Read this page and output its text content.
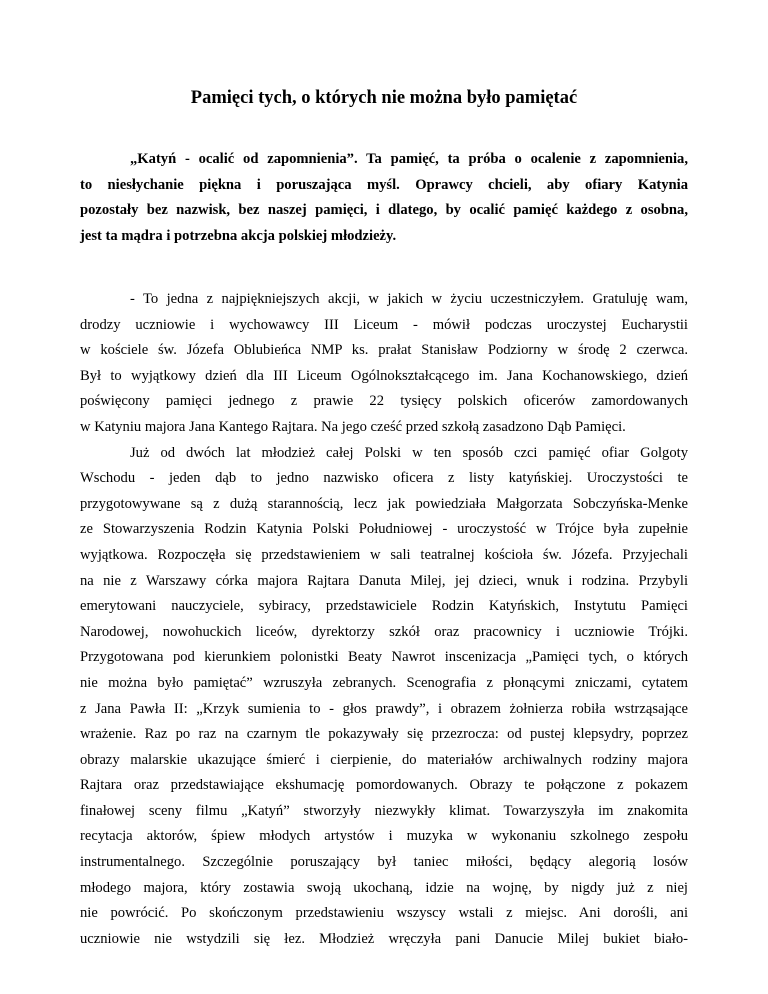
Pamięci tych, o których nie można było pamiętać
„Katyń - ocalić od zapomnienia”. Ta pamięć, ta próba o ocalenie z zapomnienia,
to niesłychanie piękna i poruszająca myśl. Oprawcy chcieli, aby ofiary Katynia
pozostały bez nazwisk, bez naszej pamięci, i dlatego, by ocalić pamięć każdego z osobna,
jest ta mądra i potrzebna akcja polskiej młodzieży.
- To jedna z najpiękniejszych akcji, w jakich w życiu uczestniczyłem. Gratuluję wam,
drodzy uczniowie i wychowawcy III Liceum - mówił podczas uroczystej Eucharystii
w kościele św. Józefa Oblubieńca NMP ks. prałat Stanisław Podziorny w środę 2 czerwca.
Był to wyjątkowy dzień dla III Liceum Ogólnokształcącego im. Jana Kochanowskiego, dzień
poświęcony pamięci jednego z prawie 22 tysięcy polskich oficerów zamordowanych
w Katyniu majora Jana Kantego Rajtara. Na jego cześć przed szkołą zasadzono Dąb Pamięci.
Już od dwóch lat młodzież całej Polski w ten sposób czci pamięć ofiar Golgoty
Wschodu - jeden dąb to jedno nazwisko oficera z listy katyńskiej. Uroczystości te
przygotowywane są z dużą starannością, lecz jak powiedziała Małgorzata Sobczyńska-Menke
ze Stowarzyszenia Rodzin Katynia Polski Południowej - uroczystość w Trójce była zupełnie
wyjątkowa. Rozpoczęła się przedstawieniem w sali teatralnej kościoła św. Józefa. Przyjechali
na nie z Warszawy córka majora Rajtara Danuta Milej, jej dzieci, wnuk i rodzina. Przybyli
emerytowani nauczyciele, sybiracy, przedstawiciele Rodzin Katyńskich, Instytutu Pamięci
Narodowej, nowohuckich liceów, dyrektorzy szkół oraz pracownicy i uczniowie Trójki.
Przygotowana pod kierunkiem polonistki Beaty Nawrot inscenizacja „Pamięci tych, o których
nie można było pamiętać” wzruszyła zebranych. Scenografia z płonącymi zniczami, cytatem
z Jana Pawła II: „Krzyk sumienia to - głos prawdy”, i obrazem żołnierza robiła wstrząsające
wrażenie. Raz po raz na czarnym tle pokazywały się przezrocza: od pustej klepsydry, poprzez
obrazy malarskie ukazujące śmierć i cierpienie, do materiałów archiwalnych rodziny majora
Rajtara oraz przedstawiające ekshumację pomordowanych. Obrazy te połączone z pokazem
finałowej sceny filmu „Katyń” stworzyły niezwykły klimat. Towarzyszyła im znakomita
recytacja aktorów, śpiew młodych artystów i muzyka w wykonaniu szkolnego zespołu
instrumentalnego. Szczególnie poruszający był taniec miłości, będący alegorią losów
młodego majora, który zostawia swoją ukochaną, idzie na wojnę, by nigdy już z niej
nie powrócić. Po skończonym przedstawieniu wszyscy wstali z miejsc. Ani dorośli, ani
uczniowie nie wstydzili się łez. Młodzież wręczyła pani Danucie Milej bukiet biało-
